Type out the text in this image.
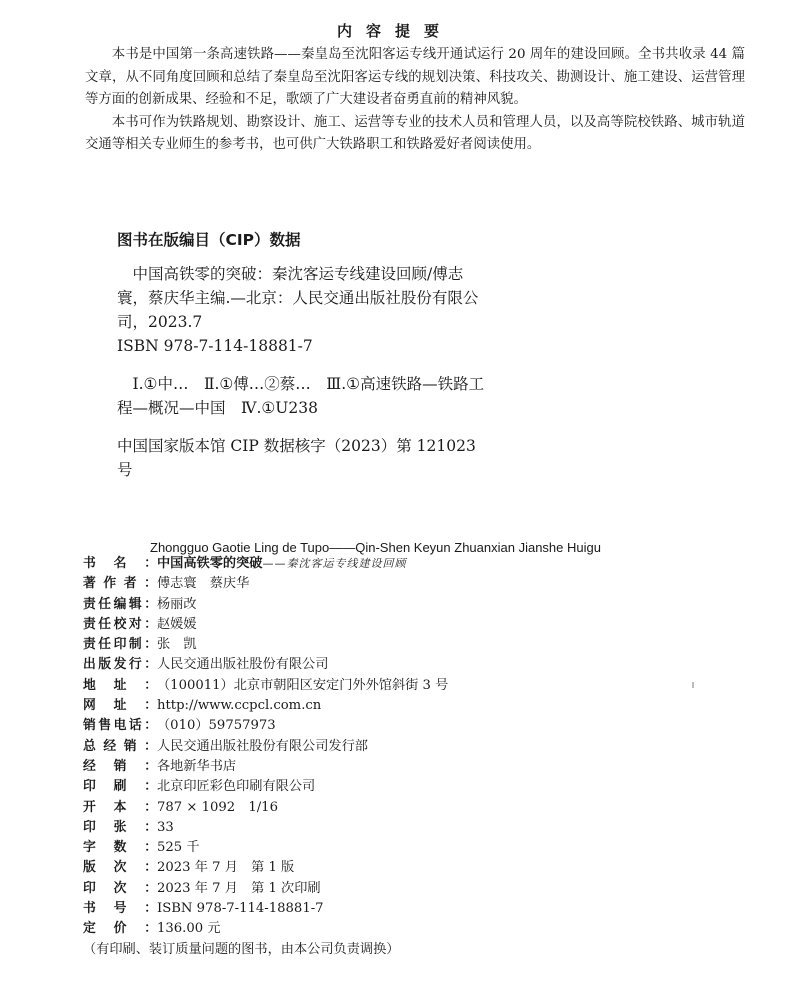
内容提要

本书是中国第一条高速铁路——秦皇岛至沈阳客运专线开通试运行 20 周年的建设回顾。全书共收录 44 篇文章，从不同角度回顾和总结了秦皇岛至沈阳客运专线的规划决策、科技攻关、勘测设计、施工建设、运营管理等方面的创新成果、经验和不足，歌颂了广大建设者奋勇直前的精神风貌。

本书可作为铁路规划、勘察设计、施工、运营等专业的技术人员和管理人员，以及高等院校铁路、城市轨道交通等相关专业师生的参考书，也可供广大铁路职工和铁路爱好者阅读使用。

图书在版编目（CIP）数据

中国高铁零的突破：秦沈客运专线建设回顾/傅志寰，蔡庆华主编.—北京：人民交通出版社股份有限公司，2023.7

ISBN 978-7-114-18881-7

Ⅰ.①中…　Ⅱ.①傅…②蔡…　Ⅲ.①高速铁路—铁路工程—概况—中国　Ⅳ.①U238

中国国家版本馆 CIP 数据核字（2023）第 121023 号

Zhongguo Gaotie Ling de Tupo——Qin-Shen Keyun Zhuanxian Jianshe Huigu
书 名 ： 中国高铁零的突破——秦沈客运专线建设回顾
著 作 者 ： 傅志寰　蔡庆华
责 任 编 辑 ： 杨丽改
责 任 校 对 ： 赵媛媛
责 任 印 制 ： 张　凯
出 版 发 行 ： 人民交通出版社股份有限公司
地 址 ： （100011）北京市朝阳区安定门外外馆斜街 3 号
网 址 ： http://www.ccpcl.com.cn
销 售 电 话 ： （010）59757973
总 经 销 ： 人民交通出版社股份有限公司发行部
经 销 ： 各地新华书店
印 刷 ： 北京印匠彩色印刷有限公司
开 本 ： 787 × 1092　1/16
印 张 ： 33
字 数 ： 525 千
版 次 ： 2023 年 7 月　第 1 版
印 次 ： 2023 年 7 月　第 1 次印刷
书 号 ： ISBN 978-7-114-18881-7
定 价 ： 136.00 元
（有印刷、装订质量问题的图书，由本公司负责调换）
